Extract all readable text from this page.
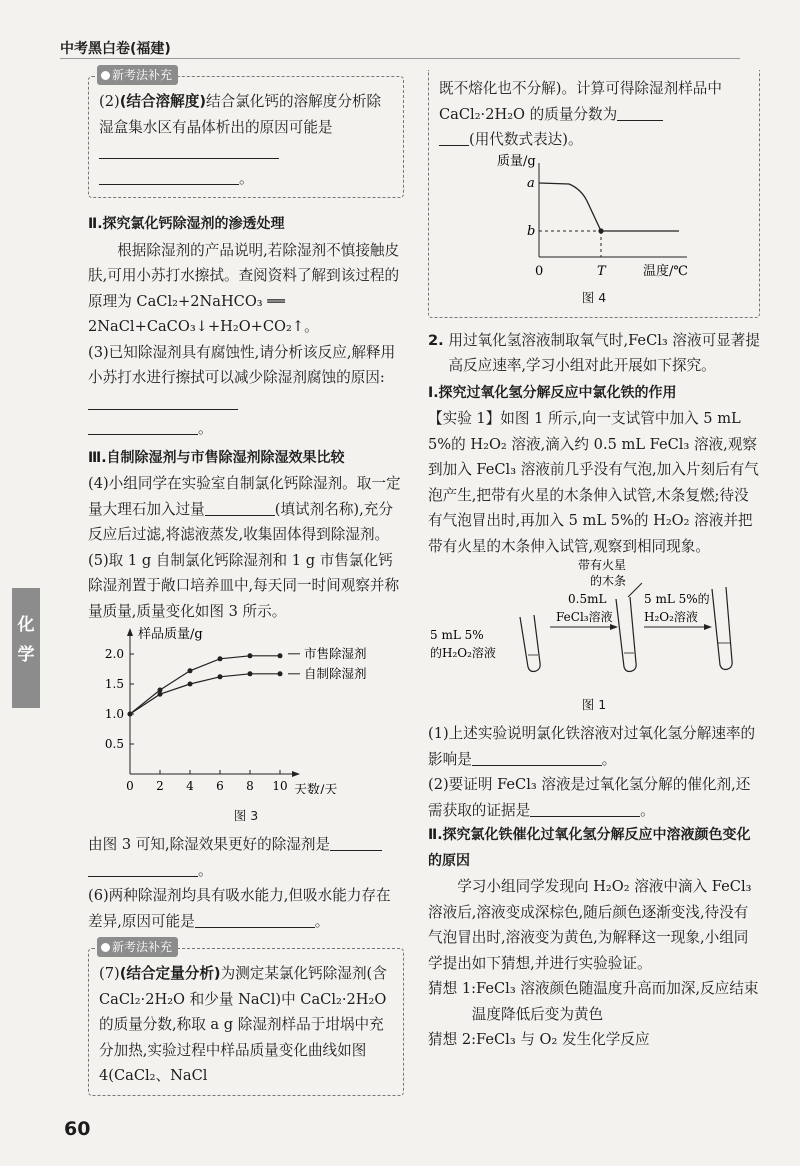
中考黑白卷(福建)
新考法补充

(2)(结合溶解度)结合氯化钙的溶解度分析除湿盒集水区有晶体析出的原因可能是

。

Ⅱ.探究氯化钙除湿剂的渗透处理

根据除湿剂的产品说明,若除湿剂不慎接触皮肤,可用小苏打水擦拭。查阅资料了解到该过程的原理为 CaCl₂+2NaHCO₃ ══ 2NaCl+CaCO₃↓+H₂O+CO₂↑。

(3)已知除湿剂具有腐蚀性,请分析该反应,解释用小苏打水进行擦拭可以减少除湿剂腐蚀的原因:

。

Ⅲ.自制除湿剂与市售除湿剂除湿效果比较

(4)小组同学在实验室自制氯化钙除湿剂。取一定量大理石加入过量	(填试剂名称),充分反应后过滤,将滤液蒸发,收集固体得到除湿剂。

(5)取 1 g 自制氯化钙除湿剂和 1 g 市售氯化钙除湿剂置于敞口培养皿中,每天同一时间观察并称量质量,质量变化如图 3 所示。

样品质量/g
天数/天
0.5
1.0
1.5
2.0
0 2 4 6 8 10
市售除湿剂
自制除湿剂
图 3

由图 3 可知,除湿效果更好的除湿剂是

。

(6)两种除湿剂均具有吸水能力,但吸水能力存在差异,原因可能是	。

新考法补充

(7)(结合定量分析)为测定某氯化钙除湿剂(含 CaCl₂·2H₂O 和少量 NaCl)中 CaCl₂·2H₂O 的质量分数,称取 a g 除湿剂样品于坩埚中充分加热,实验过程中样品质量变化曲线如图 4(CaCl₂、NaCl

既不熔化也不分解)。计算可得除湿剂样品中 CaCl₂·2H₂O 的质量分数为

(用代数式表达)。

质量/g
温度/℃
a
b
0	T
图 4

2. 用过氧化氢溶液制取氧气时,FeCl₃ 溶液可显著提高反应速率,学习小组对此开展如下探究。

Ⅰ.探究过氧化氢分解反应中氯化铁的作用

【实验 1】如图 1 所示,向一支试管中加入 5 mL 5%的 H₂O₂ 溶液,滴入约 0.5 mL FeCl₃ 溶液,观察到加入 FeCl₃ 溶液前几乎没有气泡,加入片刻后有气泡产生,把带有火星的木条伸入试管,木条复燃;待没有气泡冒出时,再加入 5 mL 5%的 H₂O₂ 溶液并把带有火星的木条伸入试管,观察到相同现象。

5 mL 5%
的H₂O₂溶液
带有火星
的木条
0.5mL
FeCl₃溶液
5 mL 5%的
H₂O₂溶液
图 1

(1)上述实验说明氯化铁溶液对过氧化氢分解速率的影响是	。

(2)要证明 FeCl₃ 溶液是过氧化氢分解的催化剂,还需获取的证据是	。

Ⅱ.探究氯化铁催化过氧化氢分解反应中溶液颜色变化的原因

学习小组同学发现向 H₂O₂ 溶液中滴入 FeCl₃ 溶液后,溶液变成深棕色,随后颜色逐渐变浅,待没有气泡冒出时,溶液变为黄色,为解释这一现象,小组同学提出如下猜想,并进行实验验证。

猜想 1:FeCl₃ 溶液颜色随温度升高而加深,反应结束温度降低后变为黄色

猜想 2:FeCl₃ 与 O₂ 发生化学反应

化学
60
